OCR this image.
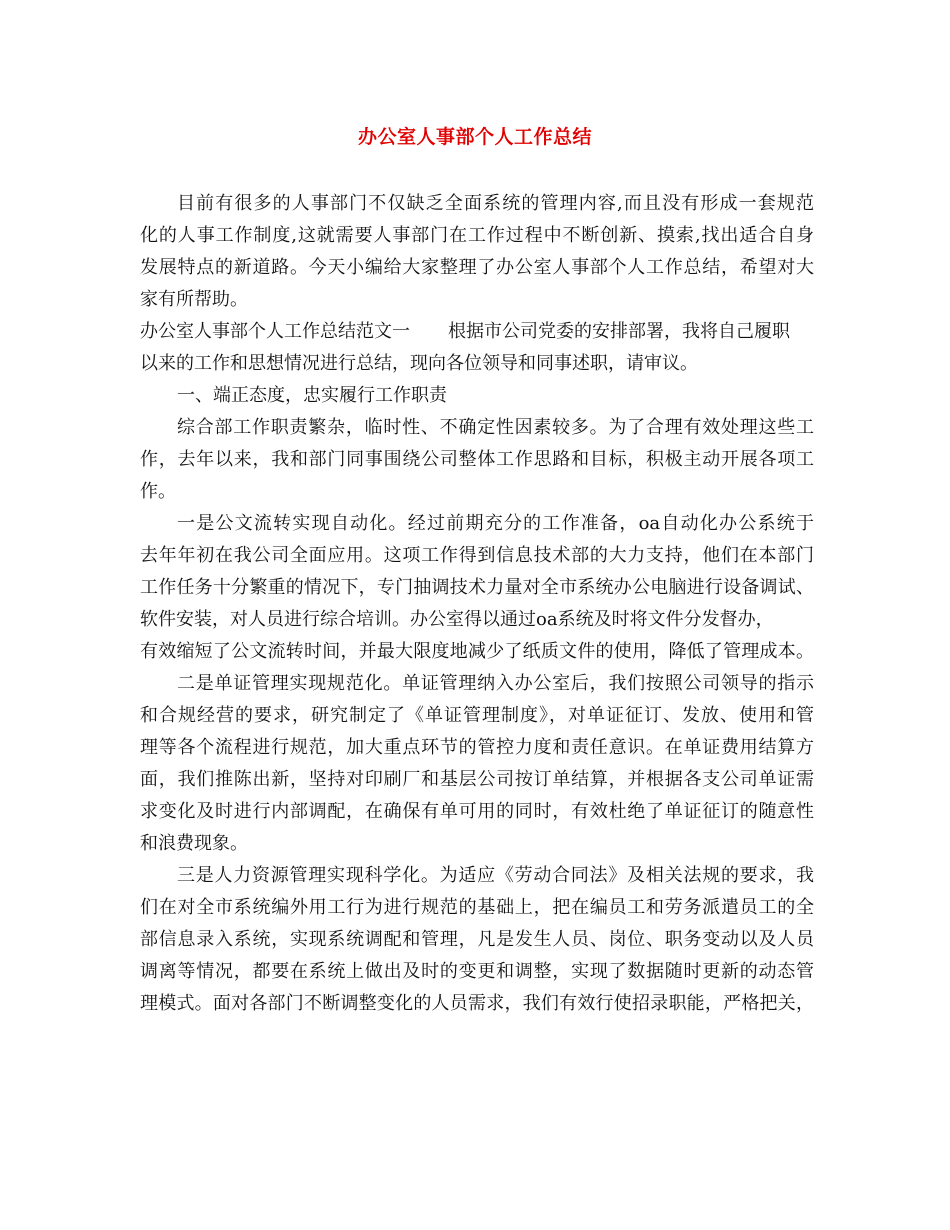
办公室人事部个人工作总结
目前有很多的人事部门不仅缺乏全面系统的管理内容,而且没有形成一套规范
化的人事工作制度,这就需要人事部门在工作过程中不断创新、摸索,找出适合自身
发展特点的新道路。今天小编给大家整理了办公室人事部个人工作总结，希望对大
家有所帮助。
办公室人事部个人工作总结范文一 根据市公司党委的安排部署，我将自己履职
以来的工作和思想情况进行总结，现向各位领导和同事述职，请审议。
一、端正态度，忠实履行工作职责
综合部工作职责繁杂，临时性、不确定性因素较多。为了合理有效处理这些工
作，去年以来，我和部门同事围绕公司整体工作思路和目标，积极主动开展各项工
作。
一是公文流转实现自动化。经过前期充分的工作准备，oa自动化办公系统于
去年年初在我公司全面应用。这项工作得到信息技术部的大力支持，他们在本部门
工作任务十分繁重的情况下，专门抽调技术力量对全市系统办公电脑进行设备调试、
软件安装，对人员进行综合培训。办公室得以通过oa系统及时将文件分发督办，
有效缩短了公文流转时间，并最大限度地减少了纸质文件的使用，降低了管理成本。
二是单证管理实现规范化。单证管理纳入办公室后，我们按照公司领导的指示
和合规经营的要求，研究制定了《单证管理制度》，对单证征订、发放、使用和管
理等各个流程进行规范，加大重点环节的管控力度和责任意识。在单证费用结算方
面，我们推陈出新，坚持对印刷厂和基层公司按订单结算，并根据各支公司单证需
求变化及时进行内部调配，在确保有单可用的同时，有效杜绝了单证征订的随意性
和浪费现象。
三是人力资源管理实现科学化。为适应《劳动合同法》及相关法规的要求，我
们在对全市系统编外用工行为进行规范的基础上，把在编员工和劳务派遣员工的全
部信息录入系统，实现系统调配和管理，凡是发生人员、岗位、职务变动以及人员
调离等情况，都要在系统上做出及时的变更和调整，实现了数据随时更新的动态管
理模式。面对各部门不断调整变化的人员需求，我们有效行使招录职能，严格把关，
